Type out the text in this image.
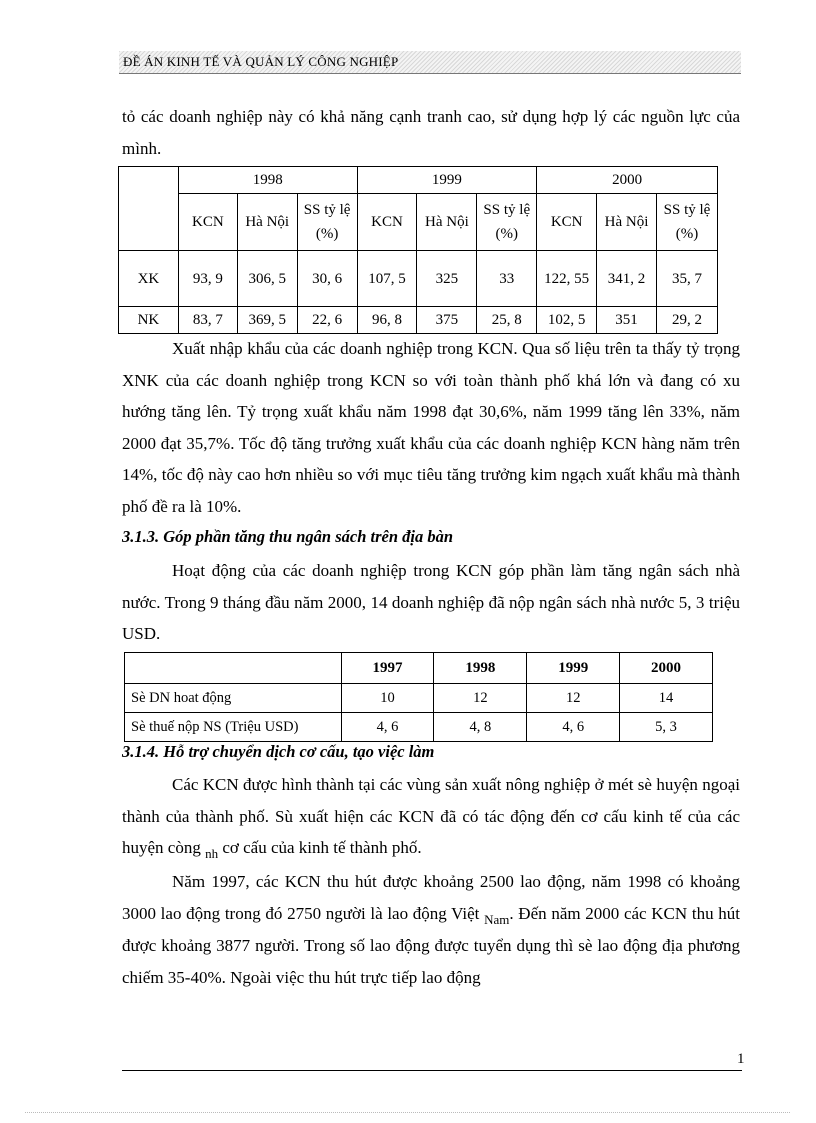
ĐỀ ÁN KINH TẾ VÀ QUẢN LÝ CÔNG NGHIỆP

tỏ các doanh nghiệp này có khả năng cạnh tranh cao, sử dụng hợp lý các nguồn lực của mình.

	1998			1999			2000		
	KCN	Hà Nội	SS tỷ lệ (%)	KCN	Hà Nội	SS tỷ lệ (%)	KCN	Hà Nội	SS tỷ lệ (%)
XK	93, 9	306, 5	30, 6	107, 5	325	33	122, 55	341, 2	35, 7
NK	83, 7	369, 5	22, 6	96, 8	375	25, 8	102, 5	351	29, 2

Xuất nhập khẩu của các doanh nghiệp trong KCN. Qua số liệu trên ta thấy tỷ trọng XNK của các doanh nghiệp trong KCN so với toàn thành phố khá lớn và đang có xu hướng tăng lên. Tỷ trọng xuất khẩu năm 1998 đạt 30,6%, năm 1999 tăng lên 33%, năm 2000 đạt 35,7%. Tốc độ tăng trưởng xuất khẩu của các doanh nghiệp KCN hàng năm trên 14%, tốc độ này cao hơn nhiều so với mục tiêu tăng trưởng kim ngạch xuất khẩu mà thành phố đề ra là 10%.

3.1.3. Góp phần tăng thu ngân sách trên địa bàn

Hoạt động của các doanh nghiệp trong KCN góp phần làm tăng ngân sách nhà nước. Trong 9 tháng đầu năm 2000, 14 doanh nghiệp đã nộp ngân sách nhà nước 5, 3 triệu USD.

	1997	1998	1999	2000
Sè DN hoat động	10	12	12	14
Sè thuế nộp NS (Triệu USD)	4, 6	4, 8	4, 6	5, 3

3.1.4. Hỗ trợ chuyển dịch cơ cấu, tạo việc làm

Các KCN được hình thành tại các vùng sản xuất nông nghiệp ở mét sè huyện ngoại thành của thành phố. Sù xuất hiện các KCN đã có tác động đến cơ cấu kinh tế của các huyện còng $_{nh}$ cơ cấu của kinh tế thành phố.

Năm 1997, các KCN thu hút được khoảng 2500 lao động, năm 1998 có khoảng 3000 lao động trong đó 2750 người là lao động Việt $_{Nam}$. Đến năm 2000 các KCN thu hút được khoảng 3877 người. Trong số lao động được tuyển dụng thì sè lao động địa phương chiếm 35-40%. Ngoài việc thu hút trực tiếp lao động

1
